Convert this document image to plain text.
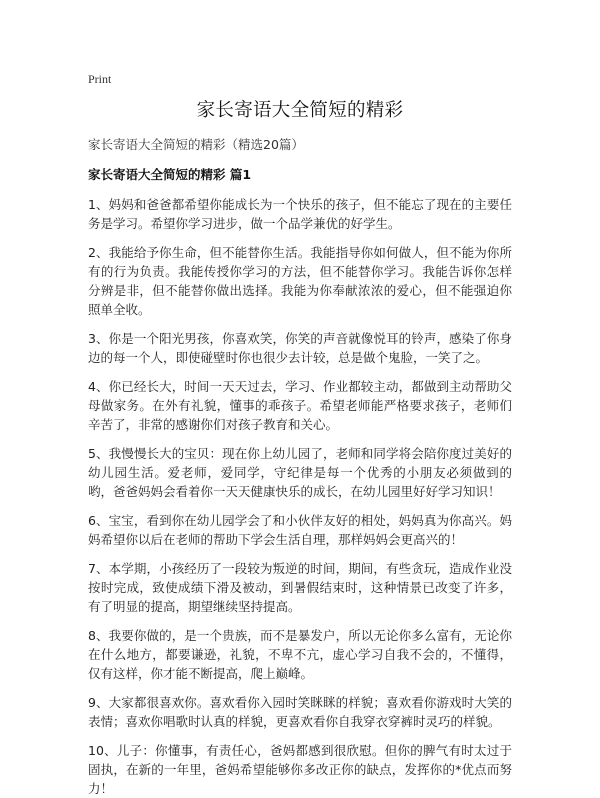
Print
家长寄语大全简短的精彩

家长寄语大全简短的精彩（精选20篇）

家长寄语大全简短的精彩 篇1

1、妈妈和爸爸都希望你能成长为一个快乐的孩子，但不能忘了现在的主要任务是学习。希望你学习进步，做一个品学兼优的好学生。

2、我能给予你生命，但不能替你生活。我能指导你如何做人，但不能为你所有的行为负责。我能传授你学习的方法，但不能替你学习。我能告诉你怎样分辨是非，但不能替你做出选择。我能为你奉献浓浓的爱心，但不能强迫你照单全收。

3、你是一个阳光男孩，你喜欢笑，你笑的声音就像悦耳的铃声，感染了你身边的每一个人，即使碰壁时你也很少去计较，总是做个鬼脸，一笑了之。

4、你已经长大，时间一天天过去，学习、作业都较主动，都做到主动帮助父母做家务。在外有礼貌，懂事的乖孩子。希望老师能严格要求孩子，老师们辛苦了，非常的感谢你们对孩子教育和关心。

5、我慢慢长大的宝贝：现在你上幼儿园了，老师和同学将会陪你度过美好的幼儿园生活。爱老师，爱同学，守纪律是每一个优秀的小朋友必须做到的哟，爸爸妈妈会看着你一天天健康快乐的成长，在幼儿园里好好学习知识！

6、宝宝，看到你在幼儿园学会了和小伙伴友好的相处，妈妈真为你高兴。妈妈希望你以后在老师的帮助下学会生活自理，那样妈妈会更高兴的！

7、本学期，小孩经历了一段较为叛逆的时间，期间，有些贪玩，造成作业没按时完成，致使成绩下滑及被动，到暑假结束时，这种情景已改变了许多，有了明显的提高，期望继续坚持提高。

8、我要你做的，是一个贵族，而不是暴发户，所以无论你多么富有，无论你在什么地方，都要谦逊，礼貌，不卑不亢，虚心学习自我不会的，不懂得，仅有这样，你才能不断提高，爬上巅峰。

9、大家都很喜欢你。喜欢看你入园时笑眯眯的样貌；喜欢看你游戏时大笑的表情；喜欢你唱歌时认真的样貌，更喜欢看你自我穿衣穿裤时灵巧的样貌。

10、儿子：你懂事，有责任心，爸妈都感到很欣慰。但你的脾气有时太过于固执，在新的一年里，爸妈希望能够你多改正你的缺点，发挥你的*优点而努力！
